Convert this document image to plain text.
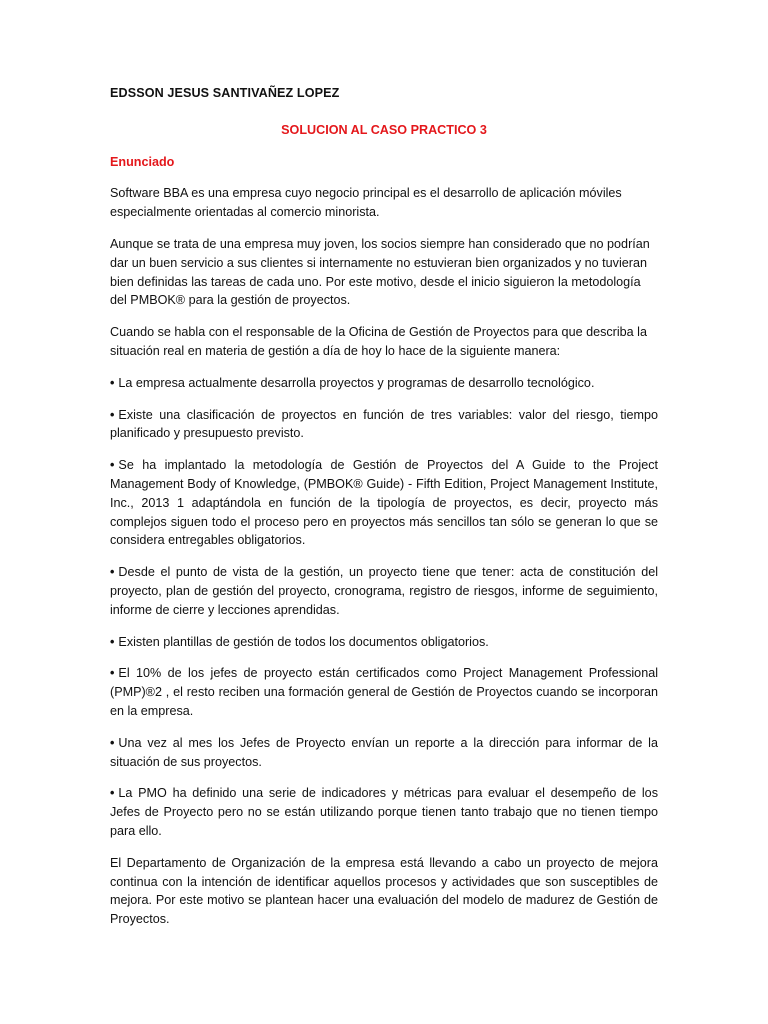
EDSSON JESUS SANTIVAÑEZ LOPEZ
SOLUCION AL CASO PRACTICO 3
Enunciado

Software BBA es una empresa cuyo negocio principal es el desarrollo de aplicación móviles especialmente orientadas al comercio minorista.

Aunque se trata de una empresa muy joven, los socios siempre han considerado que no podrían dar un buen servicio a sus clientes si internamente no estuvieran bien organizados y no tuvieran bien definidas las tareas de cada uno. Por este motivo, desde el inicio siguieron la metodología del PMBOK® para la gestión de proyectos.

Cuando se habla con el responsable de la Oficina de Gestión de Proyectos para que describa la situación real en materia de gestión a día de hoy lo hace de la siguiente manera:

• La empresa actualmente desarrolla proyectos y programas de desarrollo tecnológico.

• Existe una clasificación de proyectos en función de tres variables: valor del riesgo, tiempo planificado y presupuesto previsto.

• Se ha implantado la metodología de Gestión de Proyectos del A Guide to the Project Management Body of Knowledge, (PMBOK® Guide) - Fifth Edition, Project Management Institute, Inc., 2013 1 adaptándola en función de la tipología de proyectos, es decir, proyecto más complejos siguen todo el proceso pero en proyectos más sencillos tan sólo se generan lo que se considera entregables obligatorios.

• Desde el punto de vista de la gestión, un proyecto tiene que tener: acta de constitución del proyecto, plan de gestión del proyecto, cronograma, registro de riesgos, informe de seguimiento, informe de cierre y lecciones aprendidas.

• Existen plantillas de gestión de todos los documentos obligatorios.

• El 10% de los jefes de proyecto están certificados como Project Management Professional (PMP)®2 , el resto reciben una formación general de Gestión de Proyectos cuando se incorporan en la empresa.

• Una vez al mes los Jefes de Proyecto envían un reporte a la dirección para informar de la situación de sus proyectos.

• La PMO ha definido una serie de indicadores y métricas para evaluar el desempeño de los Jefes de Proyecto pero no se están utilizando porque tienen tanto trabajo que no tienen tiempo para ello.

El Departamento de Organización de la empresa está llevando a cabo un proyecto de mejora continua con la intención de identificar aquellos procesos y actividades que son susceptibles de mejora. Por este motivo se plantean hacer una evaluación del modelo de madurez de Gestión de Proyectos.
